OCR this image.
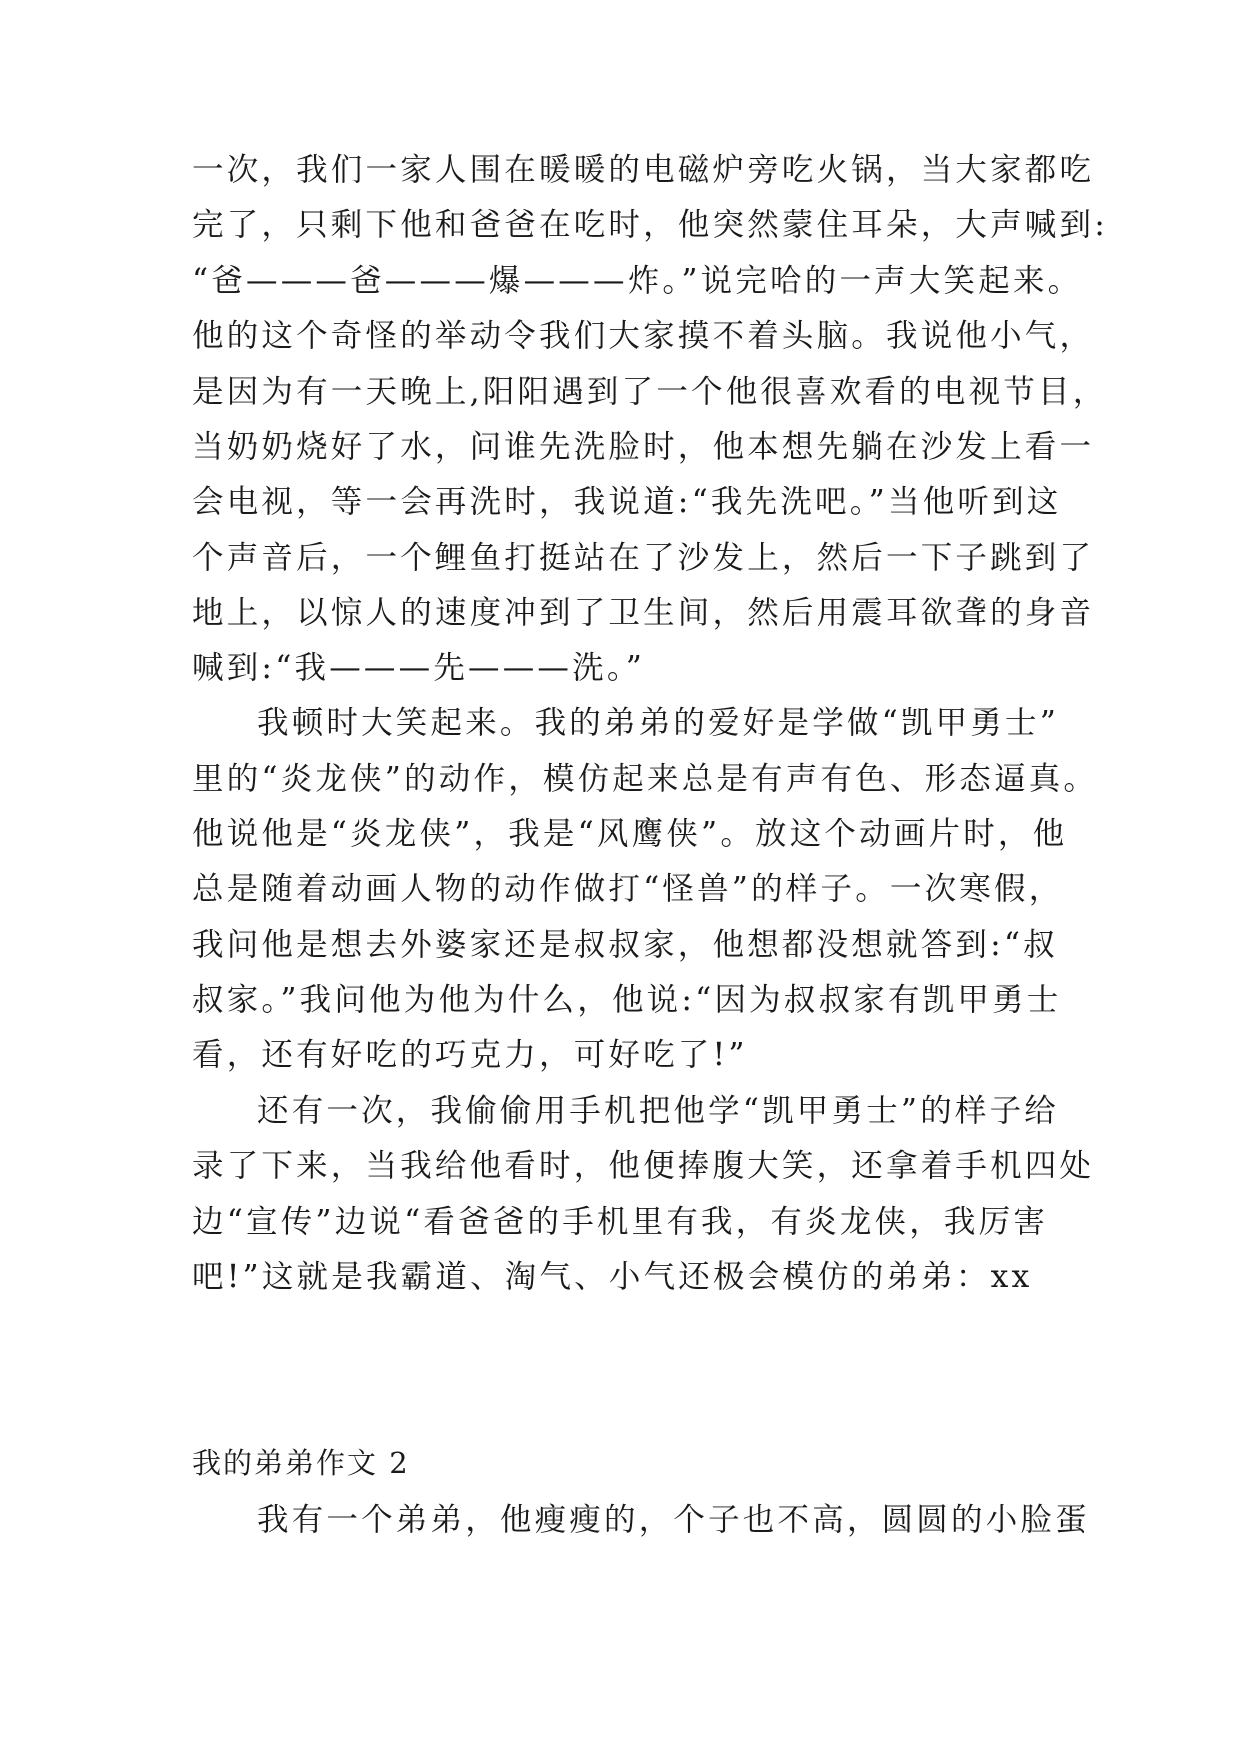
一次，我们一家人围在暖暖的电磁炉旁吃火锅，当大家都吃

完了，只剩下他和爸爸在吃时，他突然蒙住耳朵，大声喊到:

“爸———爸———爆———炸。”说完哈的一声大笑起来。

他的这个奇怪的举动令我们大家摸不着头脑。我说他小气，

是因为有一天晚上,阳阳遇到了一个他很喜欢看的电视节目，

当奶奶烧好了水，问谁先洗脸时，他本想先躺在沙发上看一

会电视，等一会再洗时，我说道:“我先洗吧。”当他听到这

个声音后，一个鲤鱼打挺站在了沙发上，然后一下子跳到了

地上，以惊人的速度冲到了卫生间，然后用震耳欲聋的身音

喊到:“我———先———洗。”

我顿时大笑起来。我的弟弟的爱好是学做“凯甲勇士”

里的“炎龙侠”的动作，模仿起来总是有声有色、形态逼真。

他说他是“炎龙侠”，我是“风鹰侠”。放这个动画片时，他

总是随着动画人物的动作做打“怪兽”的样子。一次寒假，

我问他是想去外婆家还是叔叔家，他想都没想就答到:“叔

叔家。”我问他为他为什么，他说:“因为叔叔家有凯甲勇士

看，还有好吃的巧克力，可好吃了!”

还有一次，我偷偷用手机把他学“凯甲勇士”的样子给

录了下来，当我给他看时，他便捧腹大笑，还拿着手机四处

边“宣传”边说“看爸爸的手机里有我，有炎龙侠，我厉害

吧!”这就是我霸道、淘气、小气还极会模仿的弟弟：xx

我的弟弟作文 2

我有一个弟弟，他瘦瘦的，个子也不高，圆圆的小脸蛋
